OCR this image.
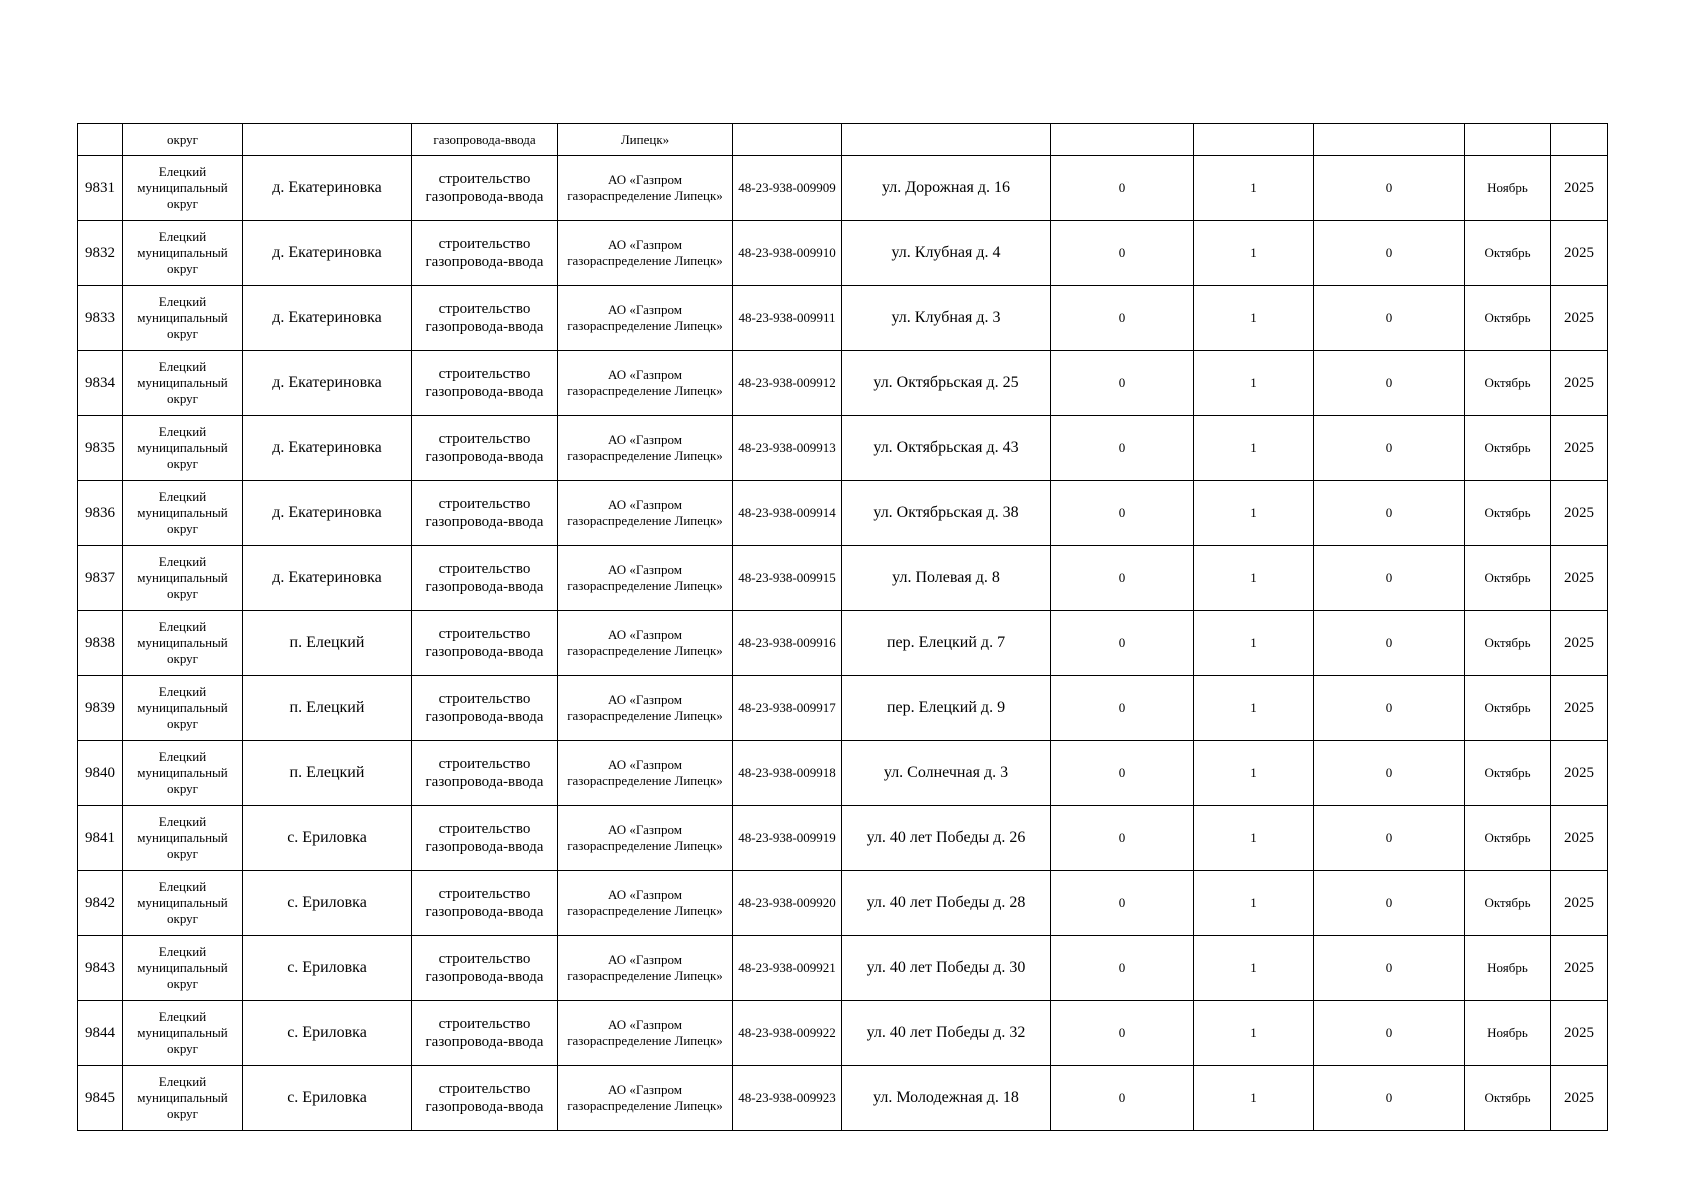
	округ		газопровода-ввода	Липецк»							
9831	Елецкий муниципальный округ	д. Екатериновка	строительство газопровода-ввода	АО «Газпром газораспределение Липецк»	48-23-938-009909	ул. Дорожная д. 16	0	1	0	Ноябрь	2025
9832	Елецкий муниципальный округ	д. Екатериновка	строительство газопровода-ввода	АО «Газпром газораспределение Липецк»	48-23-938-009910	ул. Клубная д. 4	0	1	0	Октябрь	2025
9833	Елецкий муниципальный округ	д. Екатериновка	строительство газопровода-ввода	АО «Газпром газораспределение Липецк»	48-23-938-009911	ул. Клубная д. 3	0	1	0	Октябрь	2025
9834	Елецкий муниципальный округ	д. Екатериновка	строительство газопровода-ввода	АО «Газпром газораспределение Липецк»	48-23-938-009912	ул. Октябрьская д. 25	0	1	0	Октябрь	2025
9835	Елецкий муниципальный округ	д. Екатериновка	строительство газопровода-ввода	АО «Газпром газораспределение Липецк»	48-23-938-009913	ул. Октябрьская д. 43	0	1	0	Октябрь	2025
9836	Елецкий муниципальный округ	д. Екатериновка	строительство газопровода-ввода	АО «Газпром газораспределение Липецк»	48-23-938-009914	ул. Октябрьская д. 38	0	1	0	Октябрь	2025
9837	Елецкий муниципальный округ	д. Екатериновка	строительство газопровода-ввода	АО «Газпром газораспределение Липецк»	48-23-938-009915	ул. Полевая д. 8	0	1	0	Октябрь	2025
9838	Елецкий муниципальный округ	п. Елецкий	строительство газопровода-ввода	АО «Газпром газораспределение Липецк»	48-23-938-009916	пер. Елецкий д. 7	0	1	0	Октябрь	2025
9839	Елецкий муниципальный округ	п. Елецкий	строительство газопровода-ввода	АО «Газпром газораспределение Липецк»	48-23-938-009917	пер. Елецкий д. 9	0	1	0	Октябрь	2025
9840	Елецкий муниципальный округ	п. Елецкий	строительство газопровода-ввода	АО «Газпром газораспределение Липецк»	48-23-938-009918	ул. Солнечная д. 3	0	1	0	Октябрь	2025
9841	Елецкий муниципальный округ	с. Ериловка	строительство газопровода-ввода	АО «Газпром газораспределение Липецк»	48-23-938-009919	ул. 40 лет Победы д. 26	0	1	0	Октябрь	2025
9842	Елецкий муниципальный округ	с. Ериловка	строительство газопровода-ввода	АО «Газпром газораспределение Липецк»	48-23-938-009920	ул. 40 лет Победы д. 28	0	1	0	Октябрь	2025
9843	Елецкий муниципальный округ	с. Ериловка	строительство газопровода-ввода	АО «Газпром газораспределение Липецк»	48-23-938-009921	ул. 40 лет Победы д. 30	0	1	0	Ноябрь	2025
9844	Елецкий муниципальный округ	с. Ериловка	строительство газопровода-ввода	АО «Газпром газораспределение Липецк»	48-23-938-009922	ул. 40 лет Победы д. 32	0	1	0	Ноябрь	2025
9845	Елецкий муниципальный округ	с. Ериловка	строительство газопровода-ввода	АО «Газпром газораспределение Липецк»	48-23-938-009923	ул. Молодежная д. 18	0	1	0	Октябрь	2025
